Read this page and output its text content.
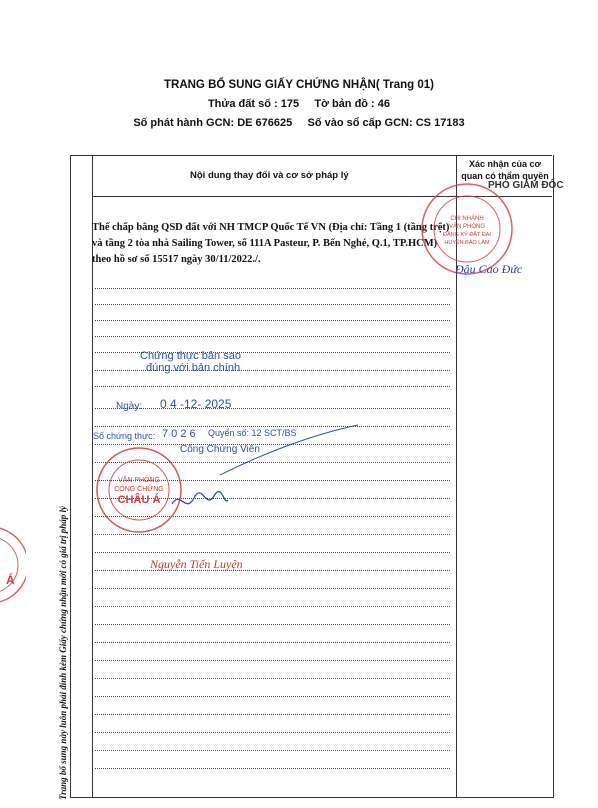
TRANG BỔ SUNG GIẤY CHỨNG NHẬN( Trang 01)
Thửa đất số : 175 Tờ bản đồ : 46
Số phát hành GCN: DE 676625 Số vào sổ cấp GCN: CS 17183
Nội dung thay đổi và cơ sở pháp lý
Xác nhận của cơ quan có thẩm quyền
Thế chấp bằng QSD đất với NH TMCP Quốc Tế VN (Địa chỉ: Tầng 1 (tầng trệt) và tầng 2 tòa nhà Sailing Tower, số 111A Pasteur, P. Bến Nghé, Q.1, TP.HCM) theo hồ sơ số 15517 ngày 30/11/2022./.
Trang bổ sung này luôn phải đính kèm Giấy chứng nhận mới có giá trị pháp lý
CHI NHÁNH
VĂN PHÒNG
ĐĂNG KÝ ĐẤT ĐAI
HUYỆN BẢO LÂM
PHÓ GIÁM ĐỐC
Đậu Cao Đức
Á
Chứng thực bản sao
đúng với bản chính
Ngày: 0 4 -12- 2025
Số chứng thực: 7 0 2 6 Quyển số: 12 SCT/BS
Công Chứng Viên
VĂN PHÒNG
CÔNG CHỨNG
CHÂU Á
Nguyễn Tiến Luyện
